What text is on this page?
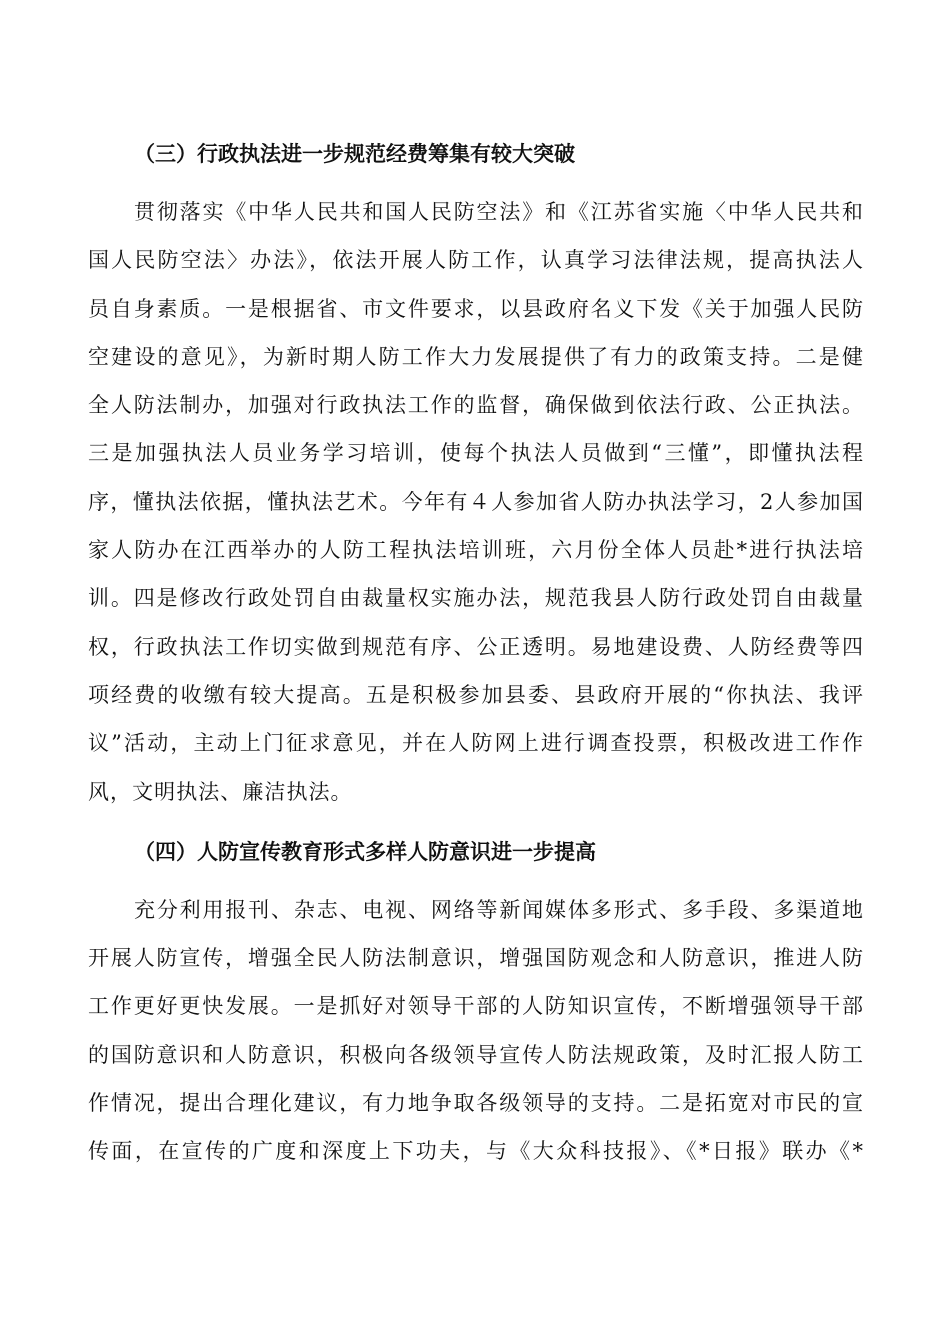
（三）行政执法进一步规范经费筹集有较大突破

贯彻落实《中华人民共和国人民防空法》和《江苏省实施〈中华人民共和
国人民防空法〉办法》，依法开展人防工作，认真学习法律法规，提高执法人
员自身素质。一是根据省、市文件要求，以县政府名义下发《关于加强人民防
空建设的意见》，为新时期人防工作大力发展提供了有力的政策支持。二是健
全人防法制办，加强对行政执法工作的监督，确保做到依法行政、公正执法。
三是加强执法人员业务学习培训，使每个执法人员做到“三懂”，即懂执法程
序，懂执法依据，懂执法艺术。今年有４人参加省人防办执法学习，2人参加国
家人防办在江西举办的人防工程执法培训班，六月份全体人员赴*进行执法培
训。四是修改行政处罚自由裁量权实施办法，规范我县人防行政处罚自由裁量
权，行政执法工作切实做到规范有序、公正透明。易地建设费、人防经费等四
项经费的收缴有较大提高。五是积极参加县委、县政府开展的“你执法、我评
议”活动，主动上门征求意见，并在人防网上进行调查投票，积极改进工作作
风，文明执法、廉洁执法。

（四）人防宣传教育形式多样人防意识进一步提高

充分利用报刊、杂志、电视、网络等新闻媒体多形式、多手段、多渠道地
开展人防宣传，增强全民人防法制意识，增强国防观念和人防意识，推进人防
工作更好更快发展。一是抓好对领导干部的人防知识宣传，不断增强领导干部
的国防意识和人防意识，积极向各级领导宣传人防法规政策，及时汇报人防工
作情况，提出合理化建议，有力地争取各级领导的支持。二是拓宽对市民的宣
传面，在宣传的广度和深度上下功夫，与《大众科技报》、《*日报》联办《*
